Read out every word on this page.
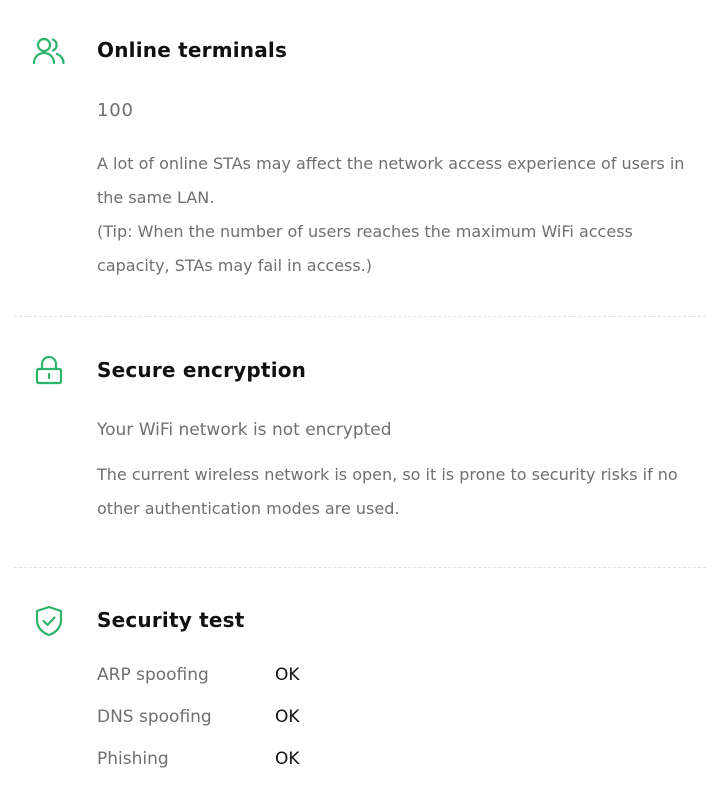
Online terminals
100

A lot of online STAs may affect the network access experience of users in the same LAN.

(Tip: When the number of users reaches the maximum WiFi access capacity, STAs may fail in access.)

Secure encryption
Your WiFi network is not encrypted

The current wireless network is open, so it is prone to security risks if no other authentication modes are used.

Security test
ARP spoofing	OK
DNS spoofing	OK
Phishing	OK
